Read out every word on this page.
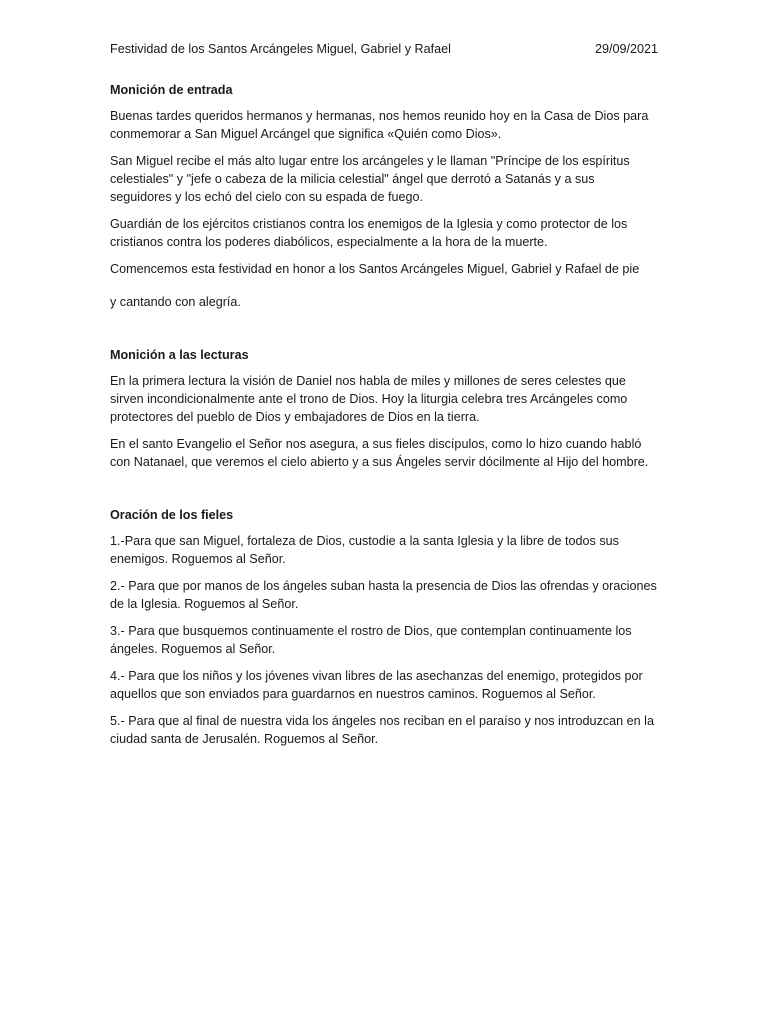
Festividad de los Santos Arcángeles Miguel, Gabriel y Rafael	29/09/2021
Monición de entrada

Buenas tardes queridos hermanos y hermanas, nos hemos reunido hoy en la Casa de Dios para conmemorar a San Miguel Arcángel que significa «Quién como Dios».

San Miguel recibe el más alto lugar entre los arcángeles y le llaman "Príncipe de los espíritus celestiales" y "jefe o cabeza de la milicia celestial" ángel que derrotó a Satanás y a sus seguidores y los echó del cielo con su espada de fuego.

Guardián de los ejércitos cristianos contra los enemigos de la Iglesia y como protector de los cristianos contra los poderes diabólicos, especialmente a la hora de la muerte.

Comencemos esta festividad en honor a los Santos Arcángeles Miguel, Gabriel y Rafael de pie

y cantando con alegría.

Monición a las lecturas

En la primera lectura la visión de Daniel nos habla de miles y millones de seres celestes que sirven incondicionalmente ante el trono de Dios. Hoy la liturgia celebra tres Arcángeles como protectores del pueblo de Dios y embajadores de Dios en la tierra.

En el santo Evangelio el Señor nos asegura, a sus fieles discípulos, como lo hizo cuando habló con Natanael, que veremos el cielo abierto y a sus Ángeles servir dócilmente al Hijo del hombre.

Oración de los fieles

1.-Para que san Miguel, fortaleza de Dios, custodie a la santa Iglesia y la libre de todos sus enemigos. Roguemos al Señor.

2.- Para que por manos de los ángeles suban hasta la presencia de Dios las ofrendas y oraciones de la Iglesia. Roguemos al Señor.

3.- Para que busquemos continuamente el rostro de Dios, que contemplan continuamente los ángeles. Roguemos al Señor.

4.- Para que los niños y los jóvenes vivan libres de las asechanzas del enemigo, protegidos por aquellos que son enviados para guardarnos en nuestros caminos. Roguemos al Señor.

5.- Para que al final de nuestra vida los ángeles nos reciban en el paraíso y nos introduzcan en la ciudad santa de Jerusalén. Roguemos al Señor.
